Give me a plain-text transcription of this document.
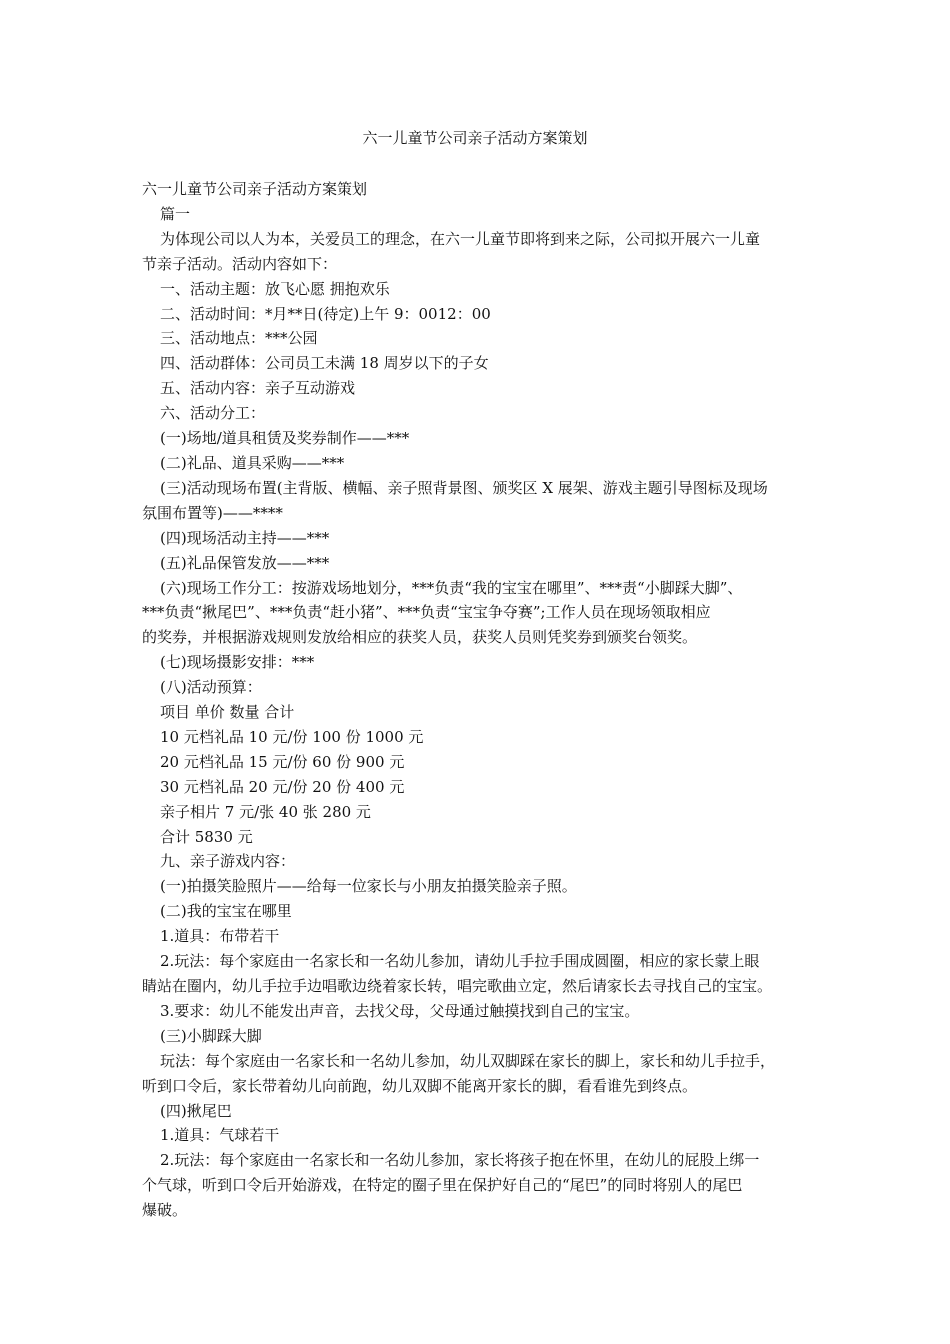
六一儿童节公司亲子活动方案策划

六一儿童节公司亲子活动方案策划

篇一

为体现公司以人为本，关爱员工的理念，在六一儿童节即将到来之际，公司拟开展六一儿童

节亲子活动。活动内容如下：

一、活动主题：放飞心愿 拥抱欢乐

二、活动时间：*月**日(待定)上午 9：0012：00

三、活动地点：***公园

四、活动群体：公司员工未满 18 周岁以下的子女

五、活动内容：亲子互动游戏

六、活动分工：

(一)场地/道具租赁及奖券制作——***

(二)礼品、道具采购——***

(三)活动现场布置(主背版、横幅、亲子照背景图、颁奖区 X 展架、游戏主题引导图标及现场

氛围布置等)——****

(四)现场活动主持——***

(五)礼品保管发放——***

(六)现场工作分工：按游戏场地划分，***负责“我的宝宝在哪里”、***责“小脚踩大脚”、

***负责“揪尾巴”、***负责“赶小猪”、***负责“宝宝争夺赛”;工作人员在现场领取相应

的奖券，并根据游戏规则发放给相应的获奖人员，获奖人员则凭奖券到颁奖台领奖。

(七)现场摄影安排：***

(八)活动预算：

项目 单价 数量 合计

10 元档礼品 10 元/份 100 份 1000 元

20 元档礼品 15 元/份 60 份 900 元

30 元档礼品 20 元/份 20 份 400 元

亲子相片 7 元/张 40 张 280 元

合计 5830 元

九、亲子游戏内容：

(一)拍摄笑脸照片——给每一位家长与小朋友拍摄笑脸亲子照。

(二)我的宝宝在哪里

1.道具：布带若干

2.玩法：每个家庭由一名家长和一名幼儿参加，请幼儿手拉手围成圆圈，相应的家长蒙上眼

睛站在圈内，幼儿手拉手边唱歌边绕着家长转，唱完歌曲立定，然后请家长去寻找自己的宝宝。

3.要求：幼儿不能发出声音，去找父母，父母通过触摸找到自己的宝宝。

(三)小脚踩大脚

玩法：每个家庭由一名家长和一名幼儿参加，幼儿双脚踩在家长的脚上，家长和幼儿手拉手，

听到口令后，家长带着幼儿向前跑，幼儿双脚不能离开家长的脚，看看谁先到终点。

(四)揪尾巴

1.道具：气球若干

2.玩法：每个家庭由一名家长和一名幼儿参加，家长将孩子抱在怀里，在幼儿的屁股上绑一

个气球，听到口令后开始游戏，在特定的圈子里在保护好自己的“尾巴”的同时将别人的尾巴

爆破。
